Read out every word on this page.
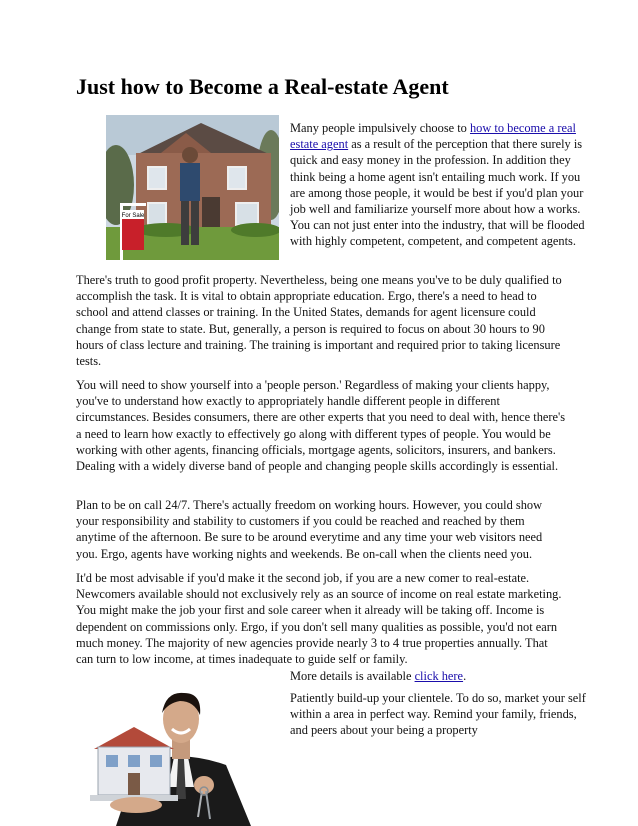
Just how to Become a Real-estate Agent
For Sale

Many people impulsively choose to how to become a real estate agent as a result of the perception that there surely is quick and easy money in the profession. In addition they think being a home agent isn't entailing much work. If you are among those people, it would be best if you'd plan your job well and familiarize yourself more about how a works. You can not just enter into the industry, that will be flooded with highly competent, competent, and competent agents.

There's truth to good profit property. Nevertheless, being one means you've to be duly qualified to accomplish the task. It is vital to obtain appropriate education. Ergo, there's a need to head to school and attend classes or training. In the United States, demands for agent licensure could change from state to state. But, generally, a person is required to focus on about 30 hours to 90 hours of class lecture and training. The training is important and required prior to taking licensure tests.

You will need to show yourself into a 'people person.' Regardless of making your clients happy, you've to understand how exactly to appropriately handle different people in different circumstances. Besides consumers, there are other experts that you need to deal with, hence there's a need to learn how exactly to effectively go along with different types of people. You would be working with other agents, financing officials, mortgage agents, solicitors, insurers, and bankers. Dealing with a widely diverse band of people and changing people skills accordingly is essential.

Plan to be on call 24/7. There's actually freedom on working hours. However, you could show your responsibility and stability to customers if you could be reached and reached by them anytime of the afternoon. Be sure to be around everytime and any time your web visitors need you. Ergo, agents have working nights and weekends. Be on-call when the clients need you.

It'd be most advisable if you'd make it the second job, if you are a new comer to real-estate. Newcomers available should not exclusively rely as an source of income on real estate marketing. You might make the job your first and sole career when it already will be taking off. Income is dependent on commissions only. Ergo, if you don't sell many qualities as possible, you'd not earn much money. The majority of new agencies provide nearly 3 to 4 true properties annually. That can turn to low income, at times inadequate to guide self or family.

More details is available click here.

Patiently build-up your clientele. To do so, market your self within a area in perfect way. Remind your family, friends, and peers about your being a property
